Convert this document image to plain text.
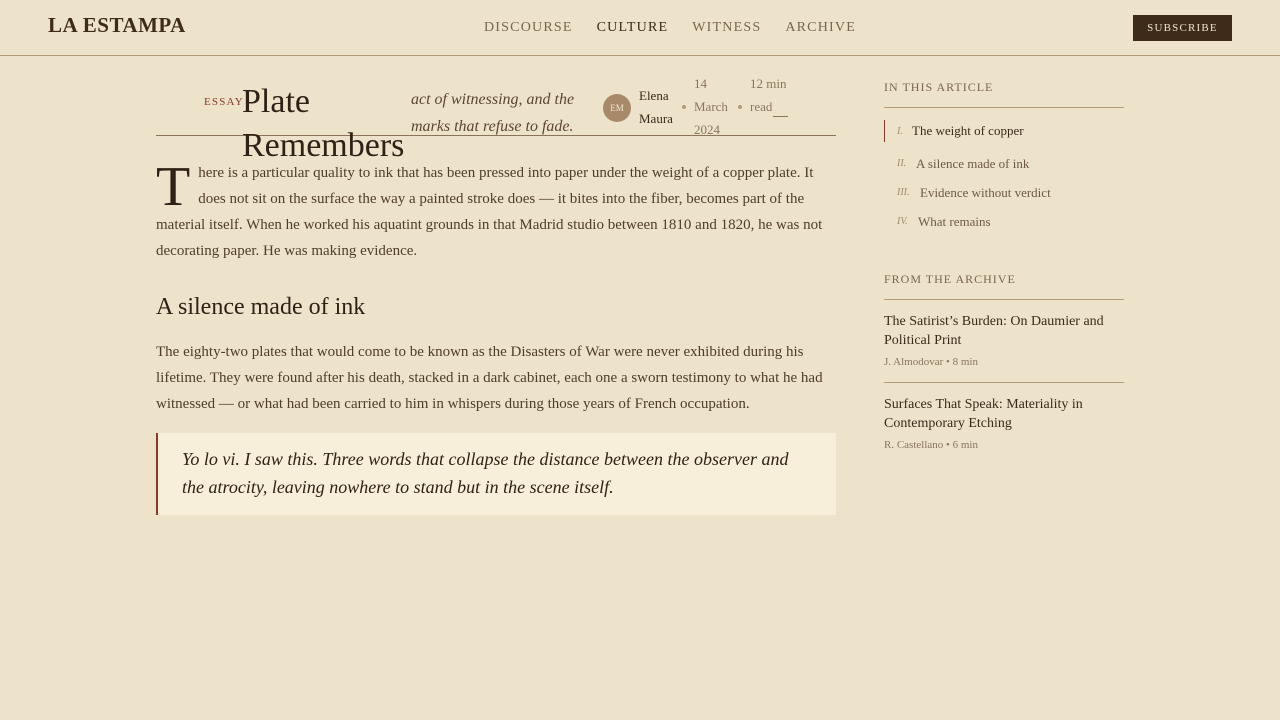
LA ESTAMPA	DISCOURSE CULTURE WITNESS ARCHIVE	SUBSCRIBE
ESSAY
Plate Remembers

act of witnessing, and the marks that refuse to fade.

EM
Elena Maura
14 March 2024
12 min read

There is a particular quality to ink that has been pressed into paper under the weight of a copper plate. It does not sit on the surface the way a painted stroke does — it bites into the fiber, becomes part of the material itself. When he worked his aquatint grounds in that Madrid studio between 1810 and 1820, he was not decorating paper. He was making evidence.

A silence made of ink

The eighty-two plates that would come to be known as the Disasters of War were never exhibited during his lifetime. They were found after his death, stacked in a dark cabinet, each one a sworn testimony to what he had witnessed — or what had been carried to him in whispers during those years of French occupation.

Yo lo vi. I saw this. Three words that collapse the distance between the observer and the atrocity, leaving nowhere to stand but in the scene itself.
IN THIS ARTICLE
I. The weight of copper
II. A silence made of ink
III. Evidence without verdict
IV. What remains
FROM THE ARCHIVE
The Satirist’s Burden: On Daumier and Political Print
J. Almodovar • 8 min
Surfaces That Speak: Materiality in Contemporary Etching
R. Castellano • 6 min
